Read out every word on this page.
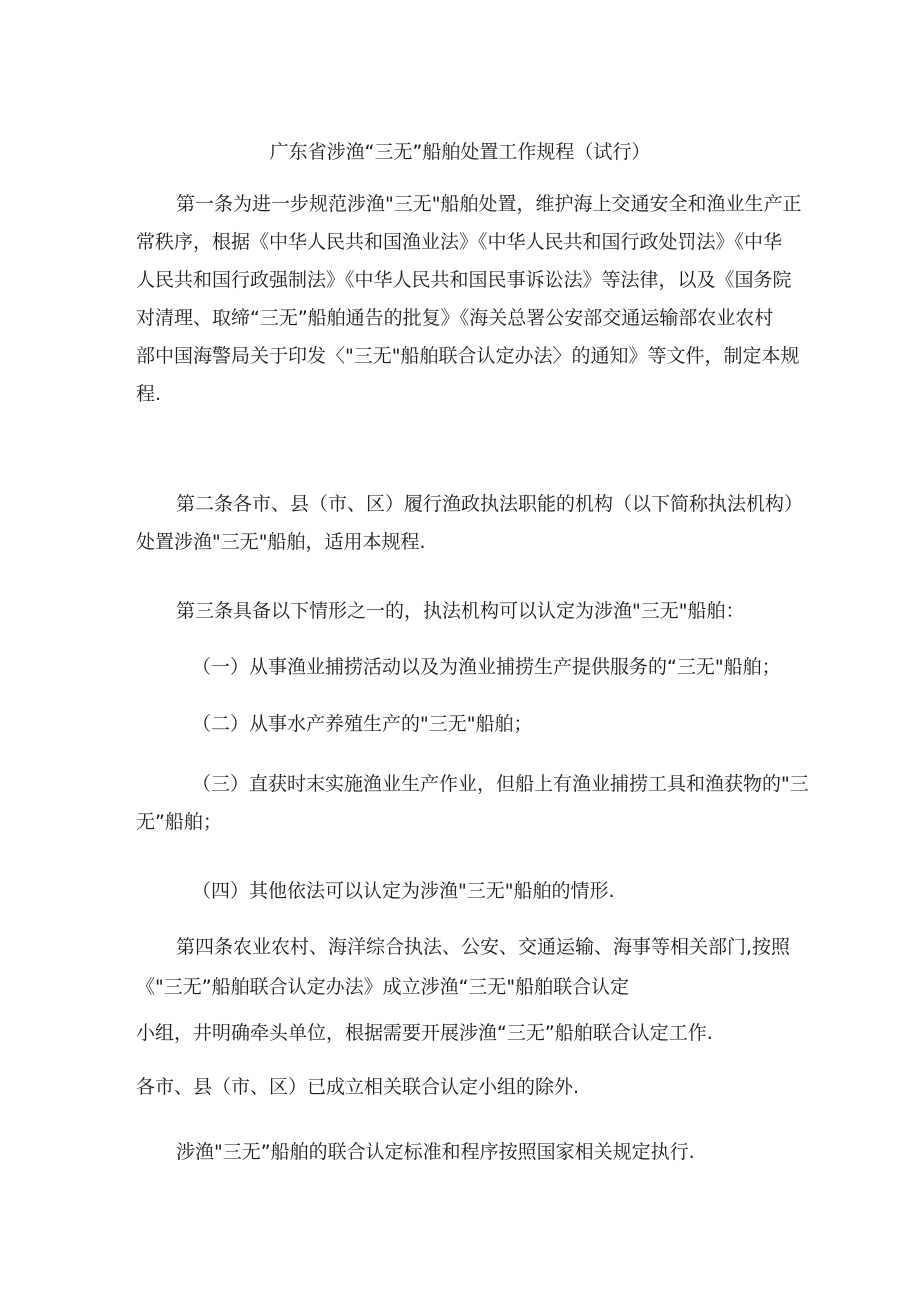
广东省涉渔“三无”船舶处置工作规程（试行）

第一条为进一步规范涉渔"三无"船舶处置，维护海上交通安全和渔业生产正
常秩序，根据《中华人民共和国渔业法》《中华人民共和国行政处罚法》《中华
人民共和国行政强制法》《中华人民共和国民事诉讼法》等法律，以及《国务院
对清理、取缔“三无”船舶通告的批复》《海关总署公安部交通运输部农业农村
部中国海警局关于印发〈"三无"船舶联合认定办法〉的通知》等文件，制定本规
程.

第二条各市、县（市、区）履行渔政执法职能的机构（以下简称执法机构）
处置涉渔"三无"船舶，适用本规程.

第三条具备以下情形之一的，执法机构可以认定为涉渔"三无"船舶：

（一）从事渔业捕捞活动以及为渔业捕捞生产提供服务的“三无"船舶；

（二）从事水产养殖生产的"三无"船舶；

（三）直获时末实施渔业生产作业，但船上有渔业捕捞工具和渔获物的"三
无”船舶；

（四）其他依法可以认定为涉渔"三无"船舶的情形.

第四条农业农村、海洋综合执法、公安、交通运输、海事等相关部门,按照
《"三无”船舶联合认定办法》成立涉渔“三无"船舶联合认定
小组，井明确牵头单位，根据需要开展涉渔“三无”船舶联合认定工作.
各市、县（市、区）已成立相关联合认定小组的除外.

涉渔"三无”船舶的联合认定标准和程序按照国家相关规定执行.
